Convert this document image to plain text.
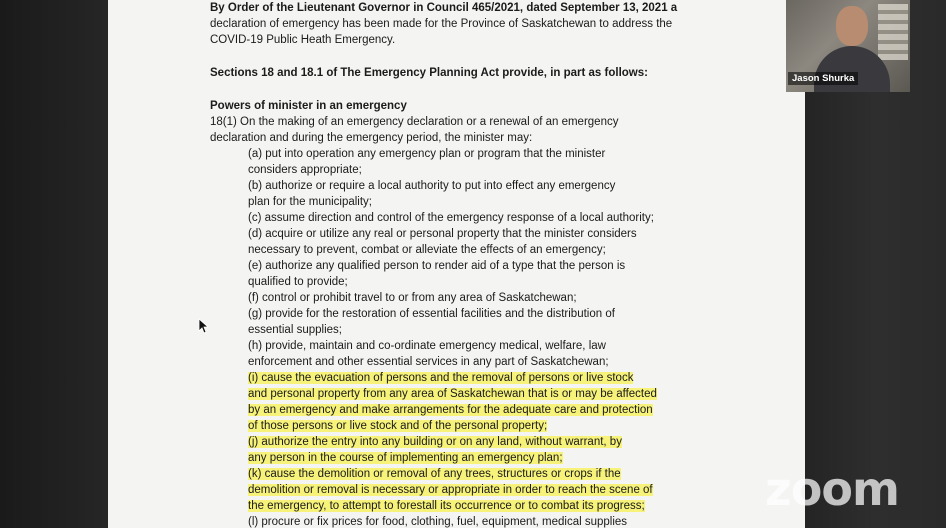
By Order of the Lieutenant Governor in Council 465/2021, dated September 13, 2021 a
declaration of emergency has been made for the Province of Saskatchewan to address the
COVID-19 Public Heath Emergency.
Sections 18 and 18.1 of The Emergency Planning Act provide, in part as follows:
Powers of minister in an emergency
18(1) On the making of an emergency declaration or a renewal of an emergency
declaration and during the emergency period, the minister may:
(a) put into operation any emergency plan or program that the minister
considers appropriate;
(b) authorize or require a local authority to put into effect any emergency
plan for the municipality;
(c) assume direction and control of the emergency response of a local authority;
(d) acquire or utilize any real or personal property that the minister considers
necessary to prevent, combat or alleviate the effects of an emergency;
(e) authorize any qualified person to render aid of a type that the person is
qualified to provide;
(f) control or prohibit travel to or from any area of Saskatchewan;
(g) provide for the restoration of essential facilities and the distribution of
essential supplies;
(h) provide, maintain and co-ordinate emergency medical, welfare, law
enforcement and other essential services in any part of Saskatchewan;
(i) cause the evacuation of persons and the removal of persons or live stock
and personal property from any area of Saskatchewan that is or may be affected
by an emergency and make arrangements for the adequate care and protection
of those persons or live stock and of the personal property;
(j) authorize the entry into any building or on any land, without warrant, by
any person in the course of implementing an emergency plan;
(k) cause the demolition or removal of any trees, structures or crops if the
demolition or removal is necessary or appropriate in order to reach the scene of
the emergency, to attempt to forestall its occurrence or to combat its progress;
(l) procure or fix prices for food, clothing, fuel, equipment, medical supplies
Jason Shurka
zoom
